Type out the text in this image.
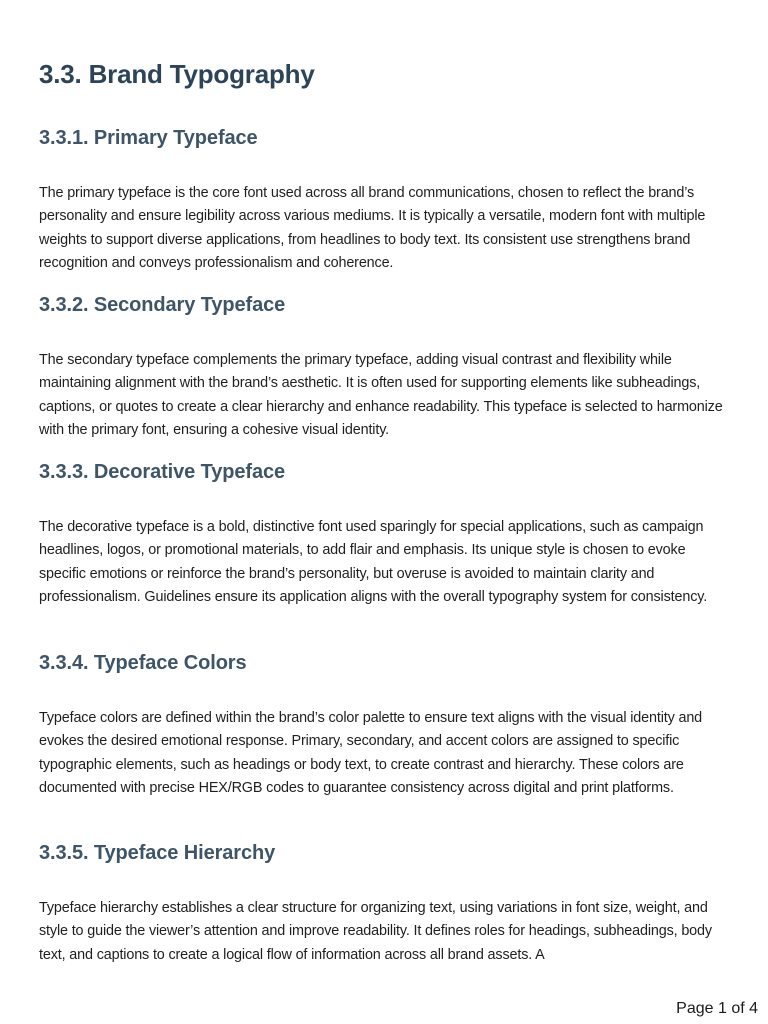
3.3. Brand Typography
3.3.1. Primary Typeface

The primary typeface is the core font used across all brand communications, chosen to reflect the brand’s personality and ensure legibility across various mediums. It is typically a versatile, modern font with multiple weights to support diverse applications, from headlines to body text. Its consistent use strengthens brand recognition and conveys professionalism and coherence.

3.3.2. Secondary Typeface

The secondary typeface complements the primary typeface, adding visual contrast and flexibility while maintaining alignment with the brand’s aesthetic. It is often used for supporting elements like subheadings, captions, or quotes to create a clear hierarchy and enhance readability. This typeface is selected to harmonize with the primary font, ensuring a cohesive visual identity.

3.3.3. Decorative Typeface

The decorative typeface is a bold, distinctive font used sparingly for special applications, such as campaign headlines, logos, or promotional materials, to add flair and emphasis. Its unique style is chosen to evoke specific emotions or reinforce the brand’s personality, but overuse is avoided to maintain clarity and professionalism. Guidelines ensure its application aligns with the overall typography system for consistency.

3.3.4. Typeface Colors

Typeface colors are defined within the brand’s color palette to ensure text aligns with the visual identity and evokes the desired emotional response. Primary, secondary, and accent colors are assigned to specific typographic elements, such as headings or body text, to create contrast and hierarchy. These colors are documented with precise HEX/RGB codes to guarantee consistency across digital and print platforms.

3.3.5. Typeface Hierarchy

Typeface hierarchy establishes a clear structure for organizing text, using variations in font size, weight, and style to guide the viewer’s attention and improve readability. It defines roles for headings, subheadings, body text, and captions to create a logical flow of information across all brand assets. A

Page 1 of 4
